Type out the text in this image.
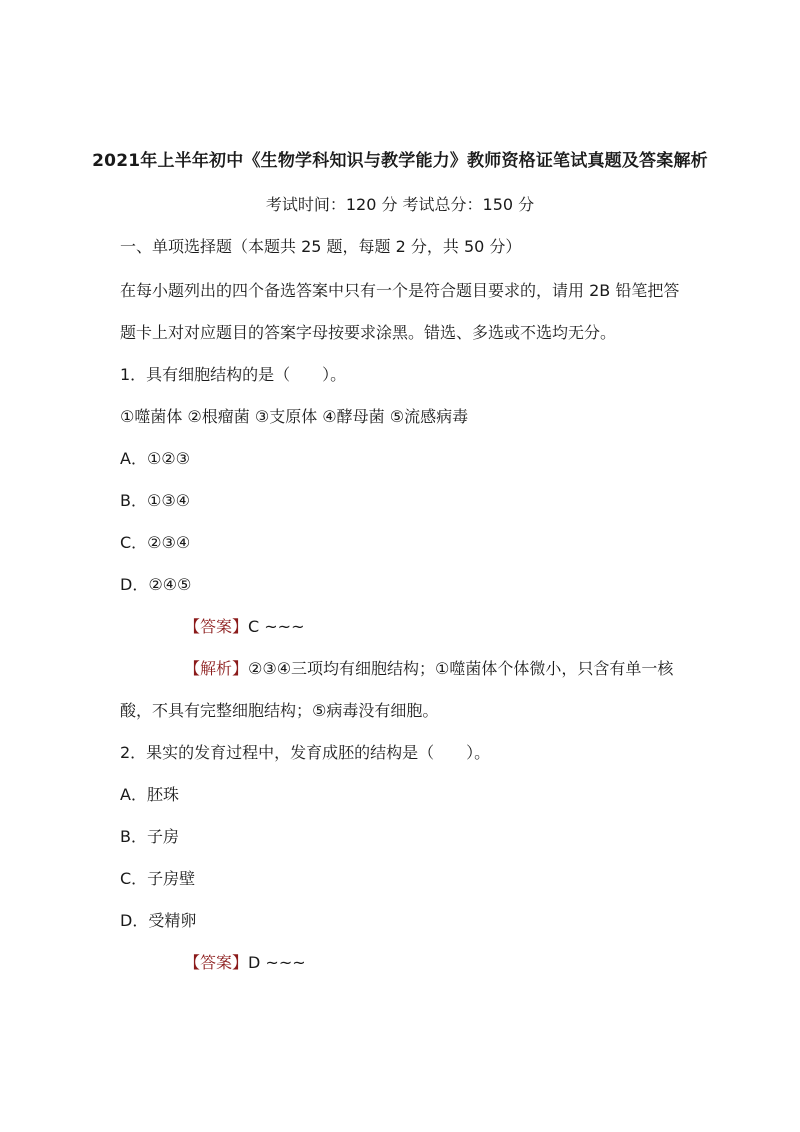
2021年上半年初中《生物学科知识与教学能力》教师资格证笔试真题及答案解析
考试时间：120 分 考试总分：150 分
一、单项选择题（本题共 25 题，每题 2 分，共 50 分）
在每小题列出的四个备选答案中只有一个是符合题目要求的，请用 2B 铅笔把答
题卡上对对应题目的答案字母按要求涂黑。错选、多选或不选均无分。
1．具有细胞结构的是（　　）。
①噬菌体 ②根瘤菌 ③支原体 ④酵母菌 ⑤流感病毒
A．①②③
B．①③④
C．②③④
D．②④⑤
【答案】C ~~~
【解析】②③④三项均有细胞结构；①噬菌体个体微小，只含有单一核
酸，不具有完整细胞结构；⑤病毒没有细胞。
2．果实的发育过程中，发育成胚的结构是（　　）。
A．胚珠
B．子房
C．子房壁
D．受精卵
【答案】D ~~~
